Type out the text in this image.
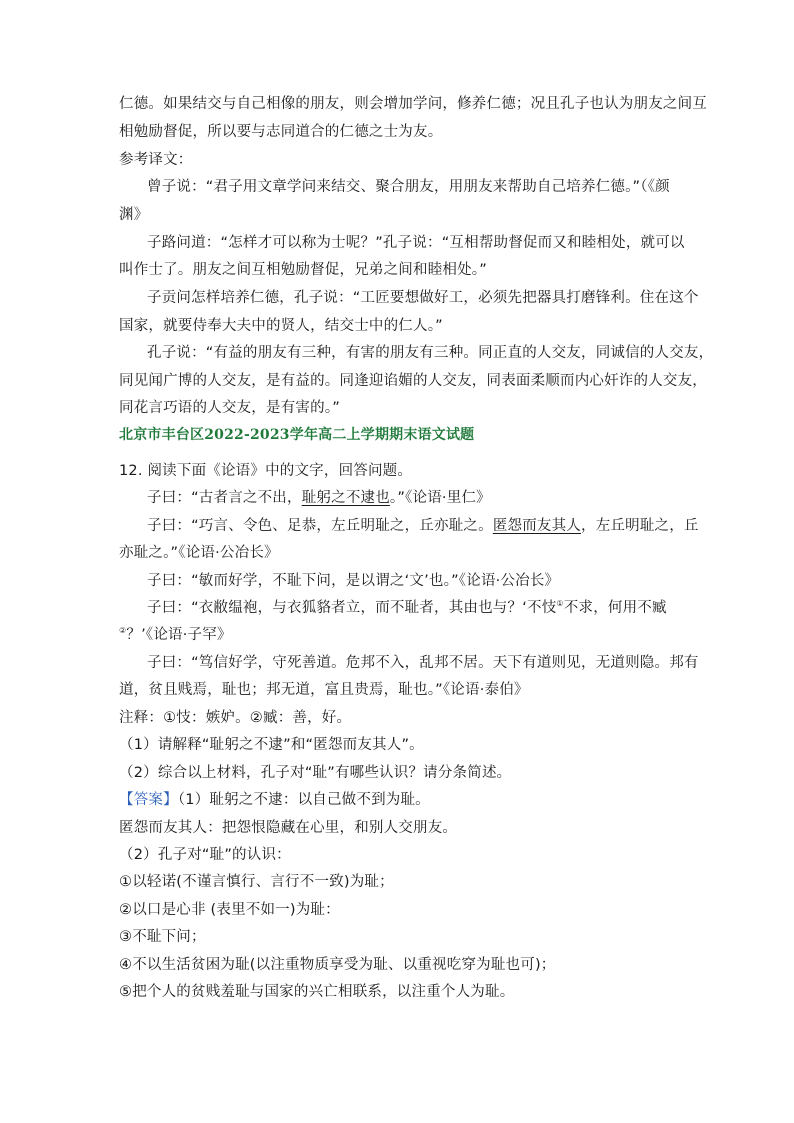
仁德。如果结交与自己相像的朋友，则会增加学问，修养仁德；况且孔子也认为朋友之间互
相勉励督促，所以要与志同道合的仁德之士为友。
参考译文：
曾子说：“君子用文章学问来结交、聚合朋友，用朋友来帮助自己培养仁德。”（《颜
渊》
子路问道：“怎样才可以称为士呢？”孔子说：“互相帮助督促而又和睦相处，就可以
叫作士了。朋友之间互相勉励督促，兄弟之间和睦相处。”
子贡问怎样培养仁德，孔子说：“工匠要想做好工，必须先把器具打磨锋利。住在这个
国家，就要侍奉大夫中的贤人，结交士中的仁人。”
孔子说：“有益的朋友有三种，有害的朋友有三种。同正直的人交友，同诚信的人交友，
同见闻广博的人交友，是有益的。同逢迎谄媚的人交友，同表面柔顺而内心奸诈的人交友，
同花言巧语的人交友，是有害的。”
北京市丰台区2022-2023学年高二上学期期末语文试题
12. 阅读下面《论语》中的文字，回答问题。
子曰：“古者言之不出，耻躬之不逮也。”《论语·里仁》
子曰：“巧言、令色、足恭，左丘明耻之，丘亦耻之。匿怨而友其人，左丘明耻之，丘
亦耻之。”《论语·公冶长》
子曰：“敏而好学，不耻下问，是以谓之‘文’也。”《论语·公冶长》
子曰：“衣敝缊袍，与衣狐貉者立，而不耻者，其由也与？‘不忮①不求，何用不臧
②？’《论语·子罕》
子曰：“笃信好学，守死善道。危邦不入，乱邦不居。天下有道则见，无道则隐。邦有
道，贫且贱焉，耻也；邦无道，富且贵焉，耻也。”《论语·泰伯》
注释：①忮：嫉妒。②臧：善，好。
（1）请解释“耻躬之不逮”和“匿怨而友其人”。
（2）综合以上材料，孔子对“耻”有哪些认识？请分条简述。
【答案】（1）耻躬之不逮：以自己做不到为耻。
匿怨而友其人：把怨恨隐藏在心里，和别人交朋友。
（2）孔子对“耻”的认识：
①以轻诺(不谨言慎行、言行不一致)为耻；
②以口是心非 (表里不如一)为耻：
③不耻下问；
④不以生活贫困为耻(以注重物质享受为耻、以重视吃穿为耻也可)；
⑤把个人的贫贱羞耻与国家的兴亡相联系，以注重个人为耻。
